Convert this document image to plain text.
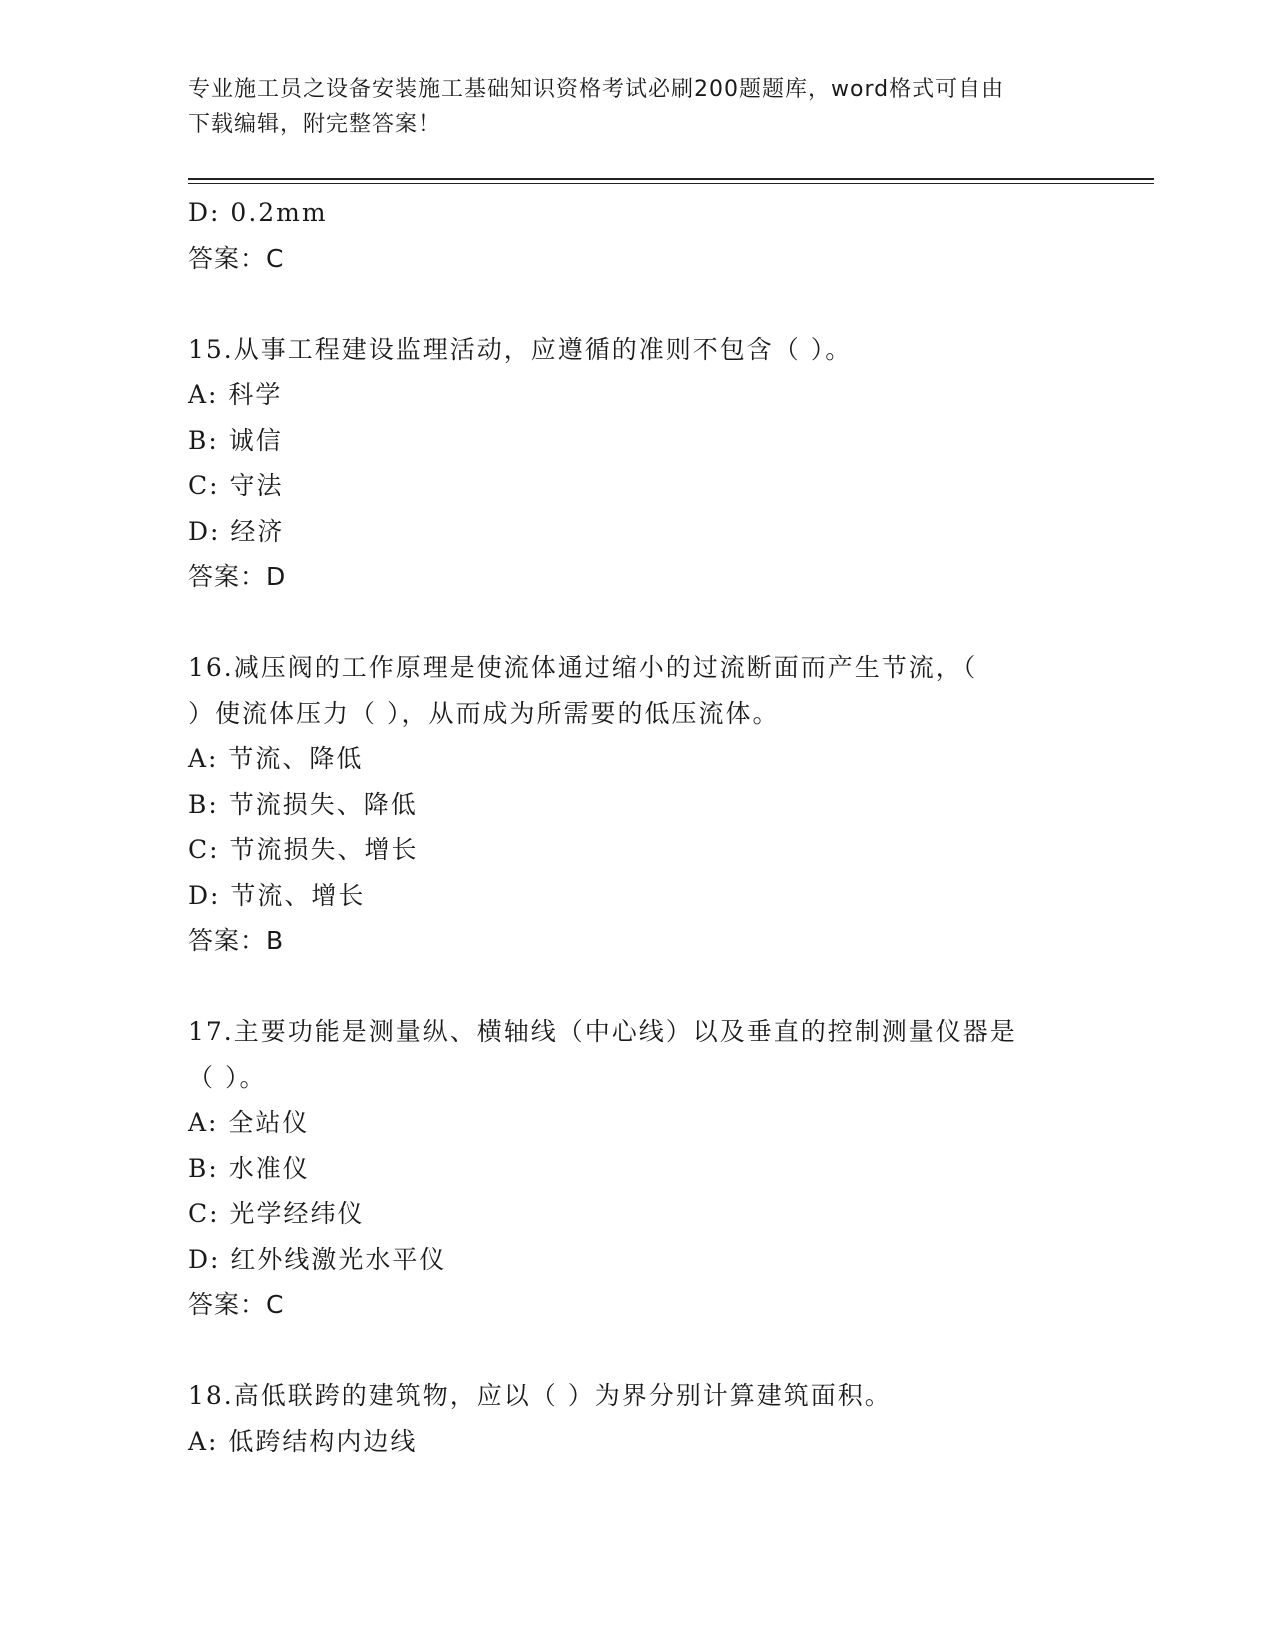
专业施工员之设备安装施工基础知识资格考试必刷200题题库，word格式可自由
下载编辑，附完整答案！
D: 0.2mm
答案：C
15.从事工程建设监理活动，应遵循的准则不包含（ ）。
A: 科学
B: 诚信
C: 守法
D: 经济
答案：D
16.减压阀的工作原理是使流体通过缩小的过流断面而产生节流，（
）使流体压力（ ），从而成为所需要的低压流体。
A: 节流、降低
B: 节流损失、降低
C: 节流损失、增长
D: 节流、增长
答案：B
17.主要功能是测量纵、横轴线（中心线）以及垂直的控制测量仪器是
（ ）。
A: 全站仪
B: 水准仪
C: 光学经纬仪
D: 红外线激光水平仪
答案：C
18.高低联跨的建筑物，应以（ ）为界分别计算建筑面积。
A: 低跨结构内边线
